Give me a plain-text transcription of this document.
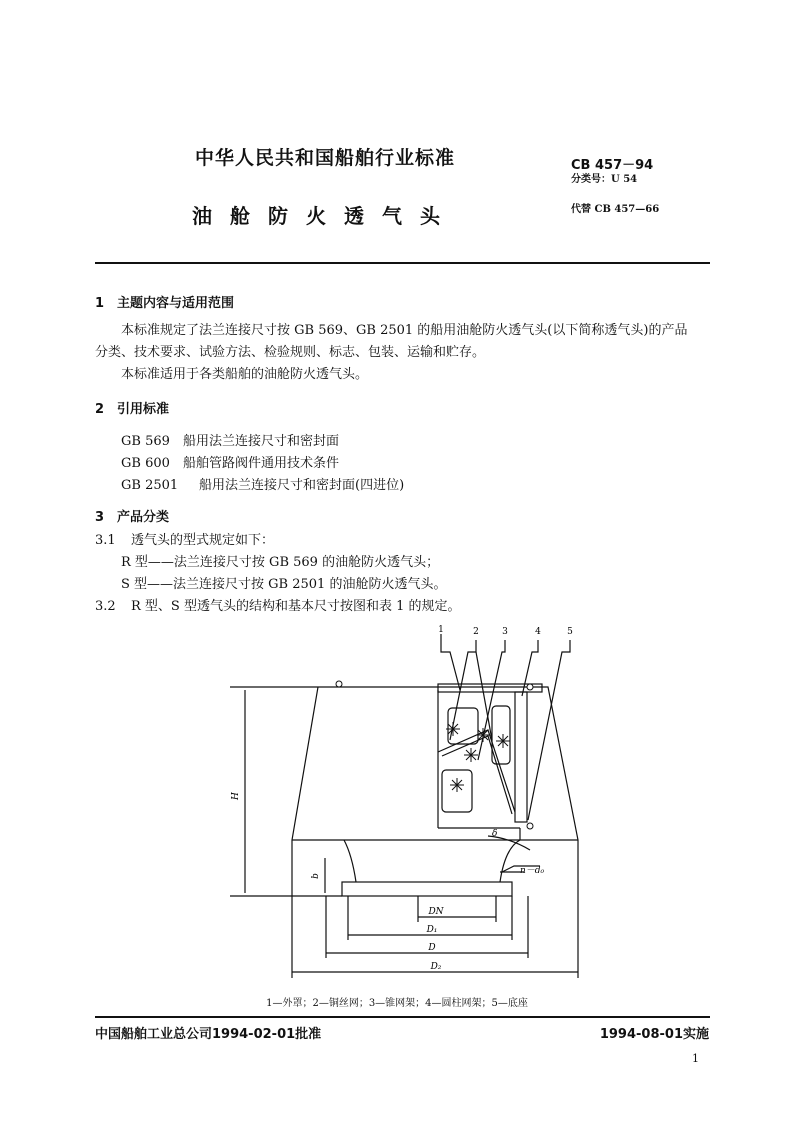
中华人民共和国船舶行业标准
油舱防火透气头
CB 457－94
分类号：U 54
代替 CB 457—66
1 主题内容与适用范围
本标准规定了法兰连接尺寸按 GB 569、GB 2501 的船用油舱防火透气头(以下简称透气头)的产品
分类、技术要求、试验方法、检验规则、标志、包装、运输和贮存。
本标准适用于各类船舶的油舱防火透气头。
2 引用标准
GB 569 船用法兰连接尺寸和密封面
GB 600 船舶管路阀件通用技术条件
GB 2501 船用法兰连接尺寸和密封面(四进位)
3 产品分类
3.1 透气头的型式规定如下：
R 型——法兰连接尺寸按 GB 569 的油舱防火透气头；
S 型——法兰连接尺寸按 GB 2501 的油舱防火透气头。
3.2 R 型、S 型透气头的结构和基本尺寸按图和表 1 的规定。
1	2	3	4	5
H
b
δ
n－d₀
DN
D₁
D
D₂
1—外罩；2—铜丝网；3—锥网架；4—圆柱网架；5—底座
中国船舶工业总公司1994-02-01批准	1994-08-01实施
1
